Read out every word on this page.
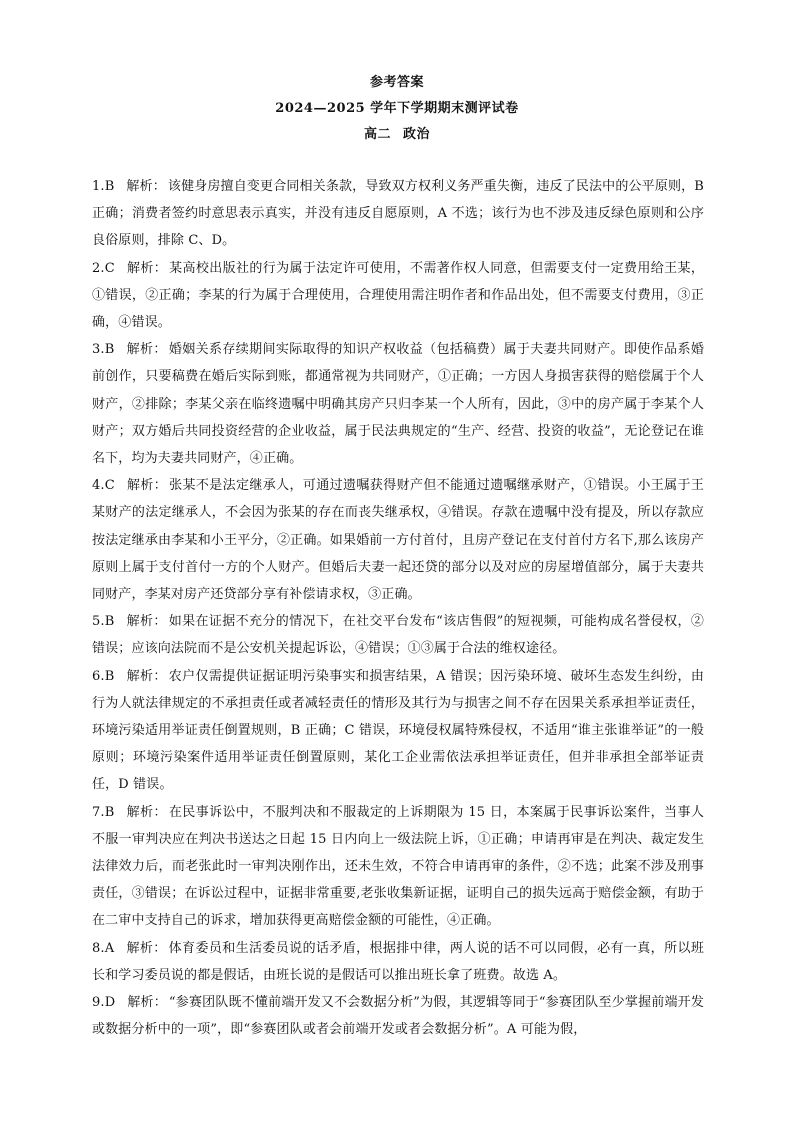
参考答案
2024—2025 学年下学期期末测评试卷
高二 政治
1.B 解析： 该健身房擅自变更合同相关条款，导致双方权利义务严重失衡，违反了民法中的公平原则，B 正确；消费者签约时意思表示真实，并没有违反自愿原则，A 不选；该行为也不涉及违反绿色原则和公序良俗原则，排除 C、D。
2.C 解析： 某高校出版社的行为属于法定许可使用，不需著作权人同意，但需要支付一定费用给王某，①错误，②正确；李某的行为属于合理使用，合理使用需注明作者和作品出处，但不需要支付费用，③正确，④错误。
3.B 解析： 婚姻关系存续期间实际取得的知识产权收益（包括稿费）属于夫妻共同财产。即使作品系婚前创作，只要稿费在婚后实际到账，都通常视为共同财产，①正确；一方因人身损害获得的赔偿属于个人财产，②排除；李某父亲在临终遗嘱中明确其房产只归李某一个人所有，因此，③中的房产属于李某个人财产；双方婚后共同投资经营的企业收益，属于民法典规定的“生产、经营、投资的收益”，无论登记在谁名下，均为夫妻共同财产，④正确。
4.C 解析： 张某不是法定继承人，可通过遗嘱获得财产但不能通过遗嘱继承财产，①错误。小王属于王某财产的法定继承人，不会因为张某的存在而丧失继承权，④错误。存款在遗嘱中没有提及，所以存款应按法定继承由李某和小王平分，②正确。如果婚前一方付首付，且房产登记在支付首付方名下,那么该房产原则上属于支付首付一方的个人财产。但婚后夫妻一起还贷的部分以及对应的房屋增值部分，属于夫妻共同财产，李某对房产还贷部分享有补偿请求权，③正确。
5.B 解析： 如果在证据不充分的情况下，在社交平台发布“该店售假”的短视频，可能构成名誉侵权，②错误；应该向法院而不是公安机关提起诉讼，④错误；①③属于合法的维权途径。
6.B 解析： 农户仅需提供证据证明污染事实和损害结果，A 错误；因污染环境、破坏生态发生纠纷，由行为人就法律规定的不承担责任或者减轻责任的情形及其行为与损害之间不存在因果关系承担举证责任，环境污染适用举证责任倒置规则，B 正确；C 错误，环境侵权属特殊侵权，不适用“谁主张谁举证”的一般原则；环境污染案件适用举证责任倒置原则，某化工企业需依法承担举证责任，但并非承担全部举证责任，D 错误。
7.B 解析： 在民事诉讼中，不服判决和不服裁定的上诉期限为 15 日，本案属于民事诉讼案件，当事人不服一审判决应在判决书送达之日起 15 日内向上一级法院上诉，①正确；申请再审是在判决、裁定发生法律效力后，而老张此时一审判决刚作出，还未生效，不符合申请再审的条件，②不选；此案不涉及刑事责任，③错误；在诉讼过程中，证据非常重要,老张收集新证据，证明自己的损失远高于赔偿金额，有助于在二审中支持自己的诉求，增加获得更高赔偿金额的可能性，④正确。
8.A 解析： 体育委员和生活委员说的话矛盾，根据排中律，两人说的话不可以同假，必有一真，所以班长和学习委员说的都是假话，由班长说的是假话可以推出班长拿了班费。故选 A。
9.D 解析： “参赛团队既不懂前端开发又不会数据分析”为假，其逻辑等同于“参赛团队至少掌握前端开发或数据分析中的一项”，即“参赛团队或者会前端开发或者会数据分析”。A 可能为假，
